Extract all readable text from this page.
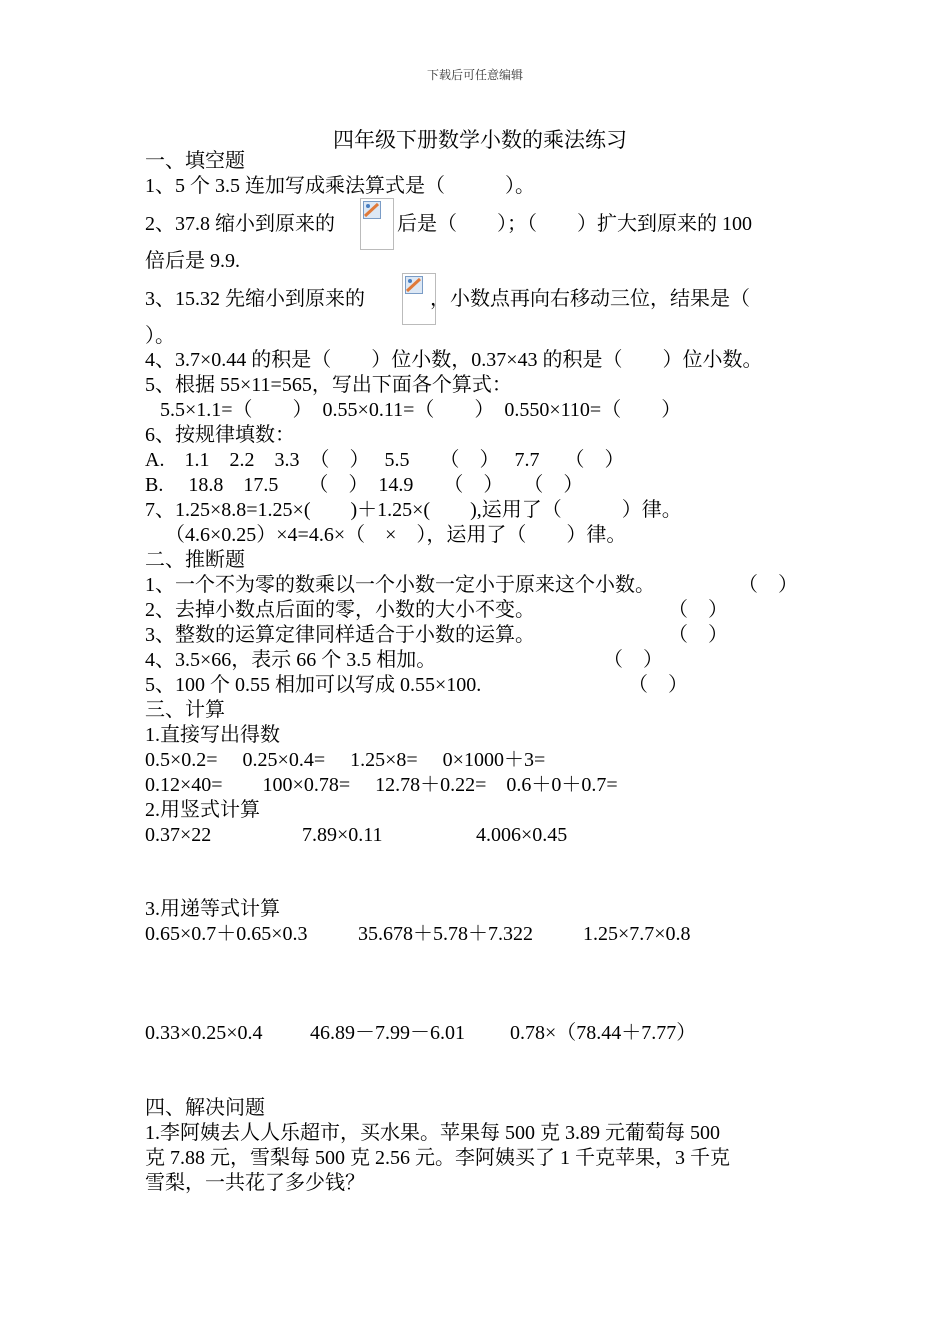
下载后可任意编辑
四年级下册数学小数的乘法练习
一、填空题
1、5 个 3.5 连加写成乘法算式是（　　　）。
2、37.8 缩小到原来的	后是（　　）；（　　）扩大到原来的 100
倍后是 9.9.
3、15.32 先缩小到原来的	，小数点再向右移动三位，结果是（
）。
4、3.7×0.44 的积是（　　）位小数，0.37×43 的积是（　　）位小数。
5、根据 55×11=565，写出下面各个算式：
5.5×1.1=（　　）　0.55×0.11=（　　）　0.550×110=（　　）
6、按规律填数：
A.　1.1　2.2　3.3　（　）　 5.5　　（　）　 7.7　 （　）
B.　 18.8　17.5　　（　）　14.9　　（　）　　（　）
7、1.25×8.8=1.25×(　　)＋1.25×(　　),运用了（　　　）律。
（4.6×0.25）×4=4.6×（　×　），运用了（　　）律。
二、推断题
1、一个不为零的数乘以一个小数一定小于原来这个小数。	（　）
2、去掉小数点后面的零，小数的大小不变。	（　）
3、整数的运算定律同样适合于小数的运算。	（　）
4、3.5×66，表示 66 个 3.5 相加。	（　）
5、100 个 0.55 相加可以写成 0.55×100.	（　）
三、计算
1.直接写出得数
0.5×0.2=　 0.25×0.4=　 1.25×8=　 0×1000＋3=
0.12×40=　　100×0.78=　 12.78＋0.22=　0.6＋0＋0.7=
2.用竖式计算
0.37×22	7.89×0.11	4.006×0.45
3.用递等式计算
0.65×0.7＋0.65×0.3	35.678＋5.78＋7.322	1.25×7.7×0.8
0.33×0.25×0.4 46.89－7.99－6.01 0.78×（78.44＋7.77）
四、解决问题
1.李阿姨去人人乐超市，买水果。苹果每 500 克 3.89 元葡萄每 500
克 7.88 元，雪梨每 500 克 2.56 元。李阿姨买了 1 千克苹果，3 千克
雪梨，一共花了多少钱？
